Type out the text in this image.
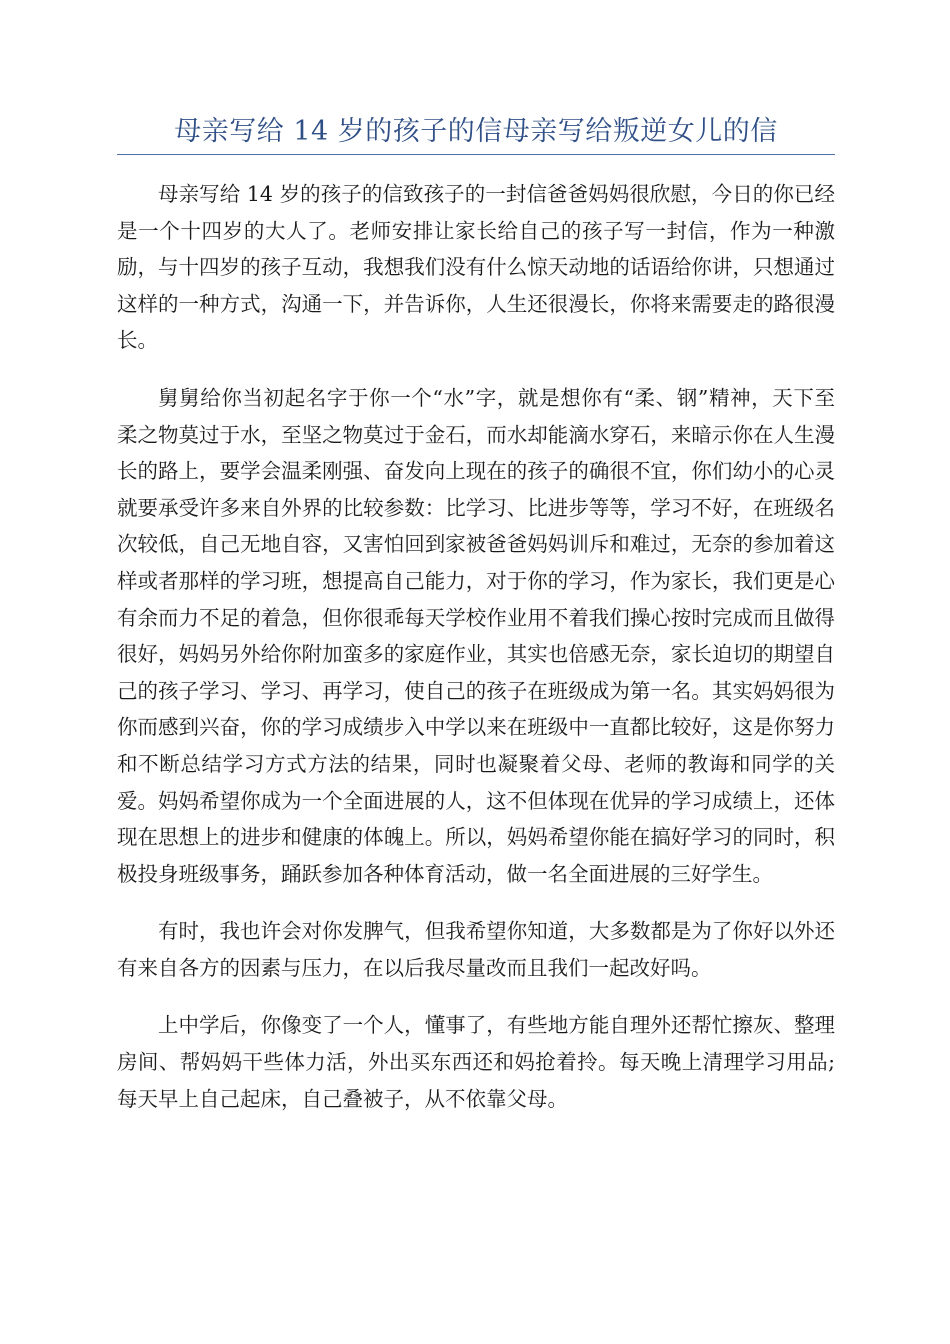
母亲写给 14 岁的孩子的信母亲写给叛逆女儿的信

母亲写给 14 岁的孩子的信致孩子的一封信爸爸妈妈很欣慰，今日的你已经是一个十四岁的大人了。老师安排让家长给自己的孩子写一封信，作为一种激励，与十四岁的孩子互动，我想我们没有什么惊天动地的话语给你讲，只想通过这样的一种方式，沟通一下，并告诉你，人生还很漫长，你将来需要走的路很漫长。

舅舅给你当初起名字于你一个“水”字，就是想你有“柔、钢”精神，天下至柔之物莫过于水，至坚之物莫过于金石，而水却能滴水穿石，来暗示你在人生漫长的路上，要学会温柔刚强、奋发向上现在的孩子的确很不宜，你们幼小的心灵就要承受许多来自外界的比较参数：比学习、比进步等等，学习不好，在班级名次较低，自己无地自容，又害怕回到家被爸爸妈妈训斥和难过，无奈的参加着这样或者那样的学习班，想提高自己能力，对于你的学习，作为家长，我们更是心有余而力不足的着急，但你很乖每天学校作业用不着我们操心按时完成而且做得很好，妈妈另外给你附加蛮多的家庭作业，其实也倍感无奈，家长迫切的期望自己的孩子学习、学习、再学习，使自己的孩子在班级成为第一名。其实妈妈很为你而感到兴奋，你的学习成绩步入中学以来在班级中一直都比较好，这是你努力和不断总结学习方式方法的结果，同时也凝聚着父母、老师的教诲和同学的关爱。妈妈希望你成为一个全面进展的人，这不但体现在优异的学习成绩上，还体现在思想上的进步和健康的体魄上。所以，妈妈希望你能在搞好学习的同时，积极投身班级事务，踊跃参加各种体育活动，做一名全面进展的三好学生。

有时，我也许会对你发脾气，但我希望你知道，大多数都是为了你好以外还有来自各方的因素与压力，在以后我尽量改而且我们一起改好吗。

上中学后，你像变了一个人，懂事了，有些地方能自理外还帮忙擦灰、整理房间、帮妈妈干些体力活，外出买东西还和妈抢着拎。每天晚上清理学习用品;每天早上自己起床，自己叠被子，从不依靠父母。
